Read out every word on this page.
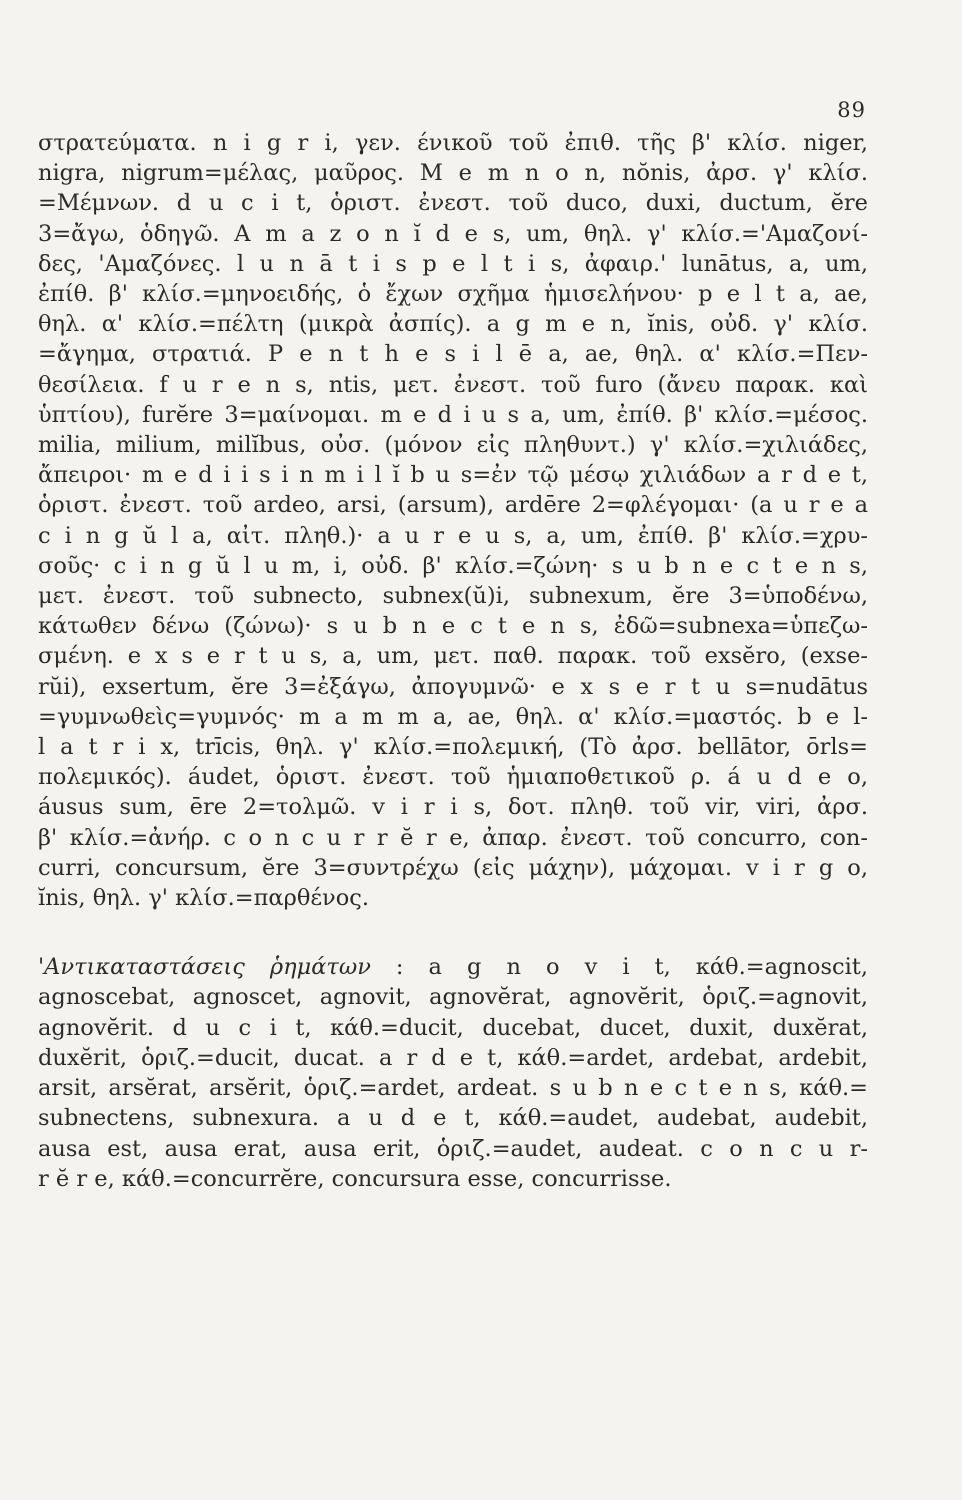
89
στρατεύματα. n i g r i, γεν. ένικοῦ τοῦ ἐπιθ. τῆς β' κλίσ. niger,
nigra, nigrum=μέλας, μαῦρος. M e m n o n, nŏnis, ἀρσ. γ' κλίσ.
=Μέμνων. d u c i t, ὁριστ. ἐνεστ. τοῦ duco, duxi, ductum, ĕre
3=ἄγω, ὁδηγῶ. A m a z o n ĭ d e s, um, θηλ. γ' κλίσ.='Αμαζονί-
δες, 'Αμαζόνες. l u n ā t i s p e l t i s, ἀφαιρ.' lunātus, a, um,
ἐπίθ. β' κλίσ.=μηνοειδής, ὁ ἔχων σχῆμα ἡμισελήνου· p e l t a, ae,
θηλ. α' κλίσ.=πέλτη (μικρὰ ἀσπίς). a g m e n, ĭnis, οὐδ. γ' κλίσ.
=ἄγημα, στρατιά. P e n t h e s i l ē a, ae, θηλ. α' κλίσ.=Πεν-
θεσίλεια. f u r e n s, ntis, μετ. ἐνεστ. τοῦ furo (ἄνευ παρακ. καὶ
ὑπτίου), furĕre 3=μαίνομαι. m e d i u s a, um, ἐπίθ. β' κλίσ.=μέσος.
milia, milium, milĭbus, οὐσ. (μόνον εἰς πληθυντ.) γ' κλίσ.=χιλιάδες,
ἄπειροι· m e d i i s i n m i l ĭ b u s=ἐν τῷ μέσῳ χιλιάδων a r d e t,
ὁριστ. ἐνεστ. τοῦ ardeo, arsi, (arsum), ardēre 2=φλέγομαι· (a u r e a
c i n g ŭ l a, αἰτ. πληθ.)· a u r e u s, a, um, ἐπίθ. β' κλίσ.=χρυ-
σοῦς· c i n g ŭ l u m, i, οὐδ. β' κλίσ.=ζώνη· s u b n e c t e n s,
μετ. ἐνεστ. τοῦ subnecto, subnex(ŭ)i, subnexum, ĕre 3=ὑποδένω,
κάτωθεν δένω (ζώνω)· s u b n e c t e n s, ἐδῶ=subnexa=ὑπεζω-
σμένη. e x s e r t u s, a, um, μετ. παθ. παρακ. τοῦ exsĕro, (exse-
rŭi), exsertum, ĕre 3=ἐξάγω, ἀπογυμνῶ· e x s e r t u s=nudātus
=γυμνωθεὶς=γυμνός· m a m m a, ae, θηλ. α' κλίσ.=μαστός. b e l-
l a t r i x, trīcis, θηλ. γ' κλίσ.=πολεμική, (Τὸ ἀρσ. bellātor, ōrls=
πολεμικός). áudet, ὁριστ. ἐνεστ. τοῦ ἡμιαποθετικοῦ ρ. á u d e o,
áusus sum, ēre 2=τολμῶ. v i r i s, δοτ. πληθ. τοῦ vir, viri, ἀρσ.
β' κλίσ.=ἀνήρ. c o n c u r r ĕ r e, ἀπαρ. ἐνεστ. τοῦ concurro, con-
curri, concursum, ĕre 3=συντρέχω (εἰς μάχην), μάχομαι. v i r g o,
ĭnis, θηλ. γ' κλίσ.=παρθένος.
'Αντικαταστάσεις ῥημάτων : a g n o v i t, κάθ.=agnoscit,
agnoscebat, agnoscet, agnovit, agnovĕrat, agnovĕrit, ὁριζ.=agnovit,
agnovĕrit. d u c i t, κάθ.=ducit, ducebat, ducet, duxit, duxĕrat,
duxĕrit, ὁριζ.=ducit, ducat. a r d e t, κάθ.=ardet, ardebat, ardebit,
arsit, arsĕrat, arsĕrit, ὁριζ.=ardet, ardeat. s u b n e c t e n s, κάθ.=
subnectens, subnexura. a u d e t, κάθ.=audet, audebat, audebit,
ausa est, ausa erat, ausa erit, ὁριζ.=audet, audeat. c o n c u r-
r ĕ r e, κάθ.=concurrĕre, concursura esse, concurrisse.
